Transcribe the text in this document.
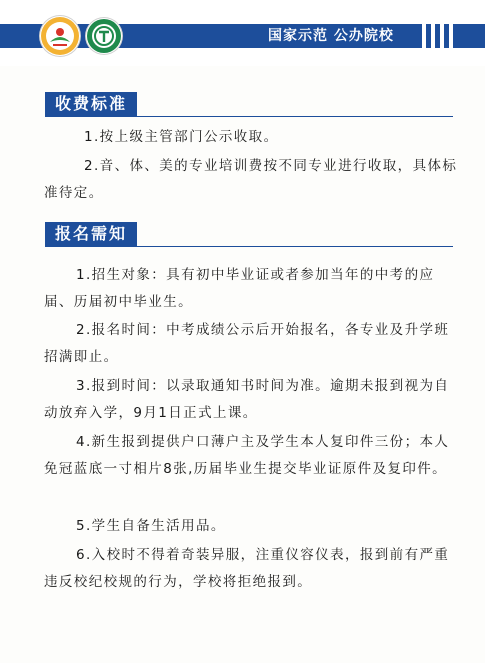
国家示范 公办院校
收费标准

1.按上级主管部门公示收取。

2.音、体、美的专业培训费按不同专业进行收取，具体标准待定。

报名需知

1.招生对象：具有初中毕业证或者参加当年的中考的应届、历届初中毕业生。

2.报名时间：中考成绩公示后开始报名，各专业及升学班招满即止。

3.报到时间：以录取通知书时间为准。逾期未报到视为自动放弃入学，9月1日正式上课。

4.新生报到提供户口薄户主及学生本人复印件三份；本人免冠蓝底一寸相片8张,历届毕业生提交毕业证原件及复印件。

5.学生自备生活用品。

6.入校时不得着奇装异服，注重仪容仪表，报到前有严重违反校纪校规的行为，学校将拒绝报到。
